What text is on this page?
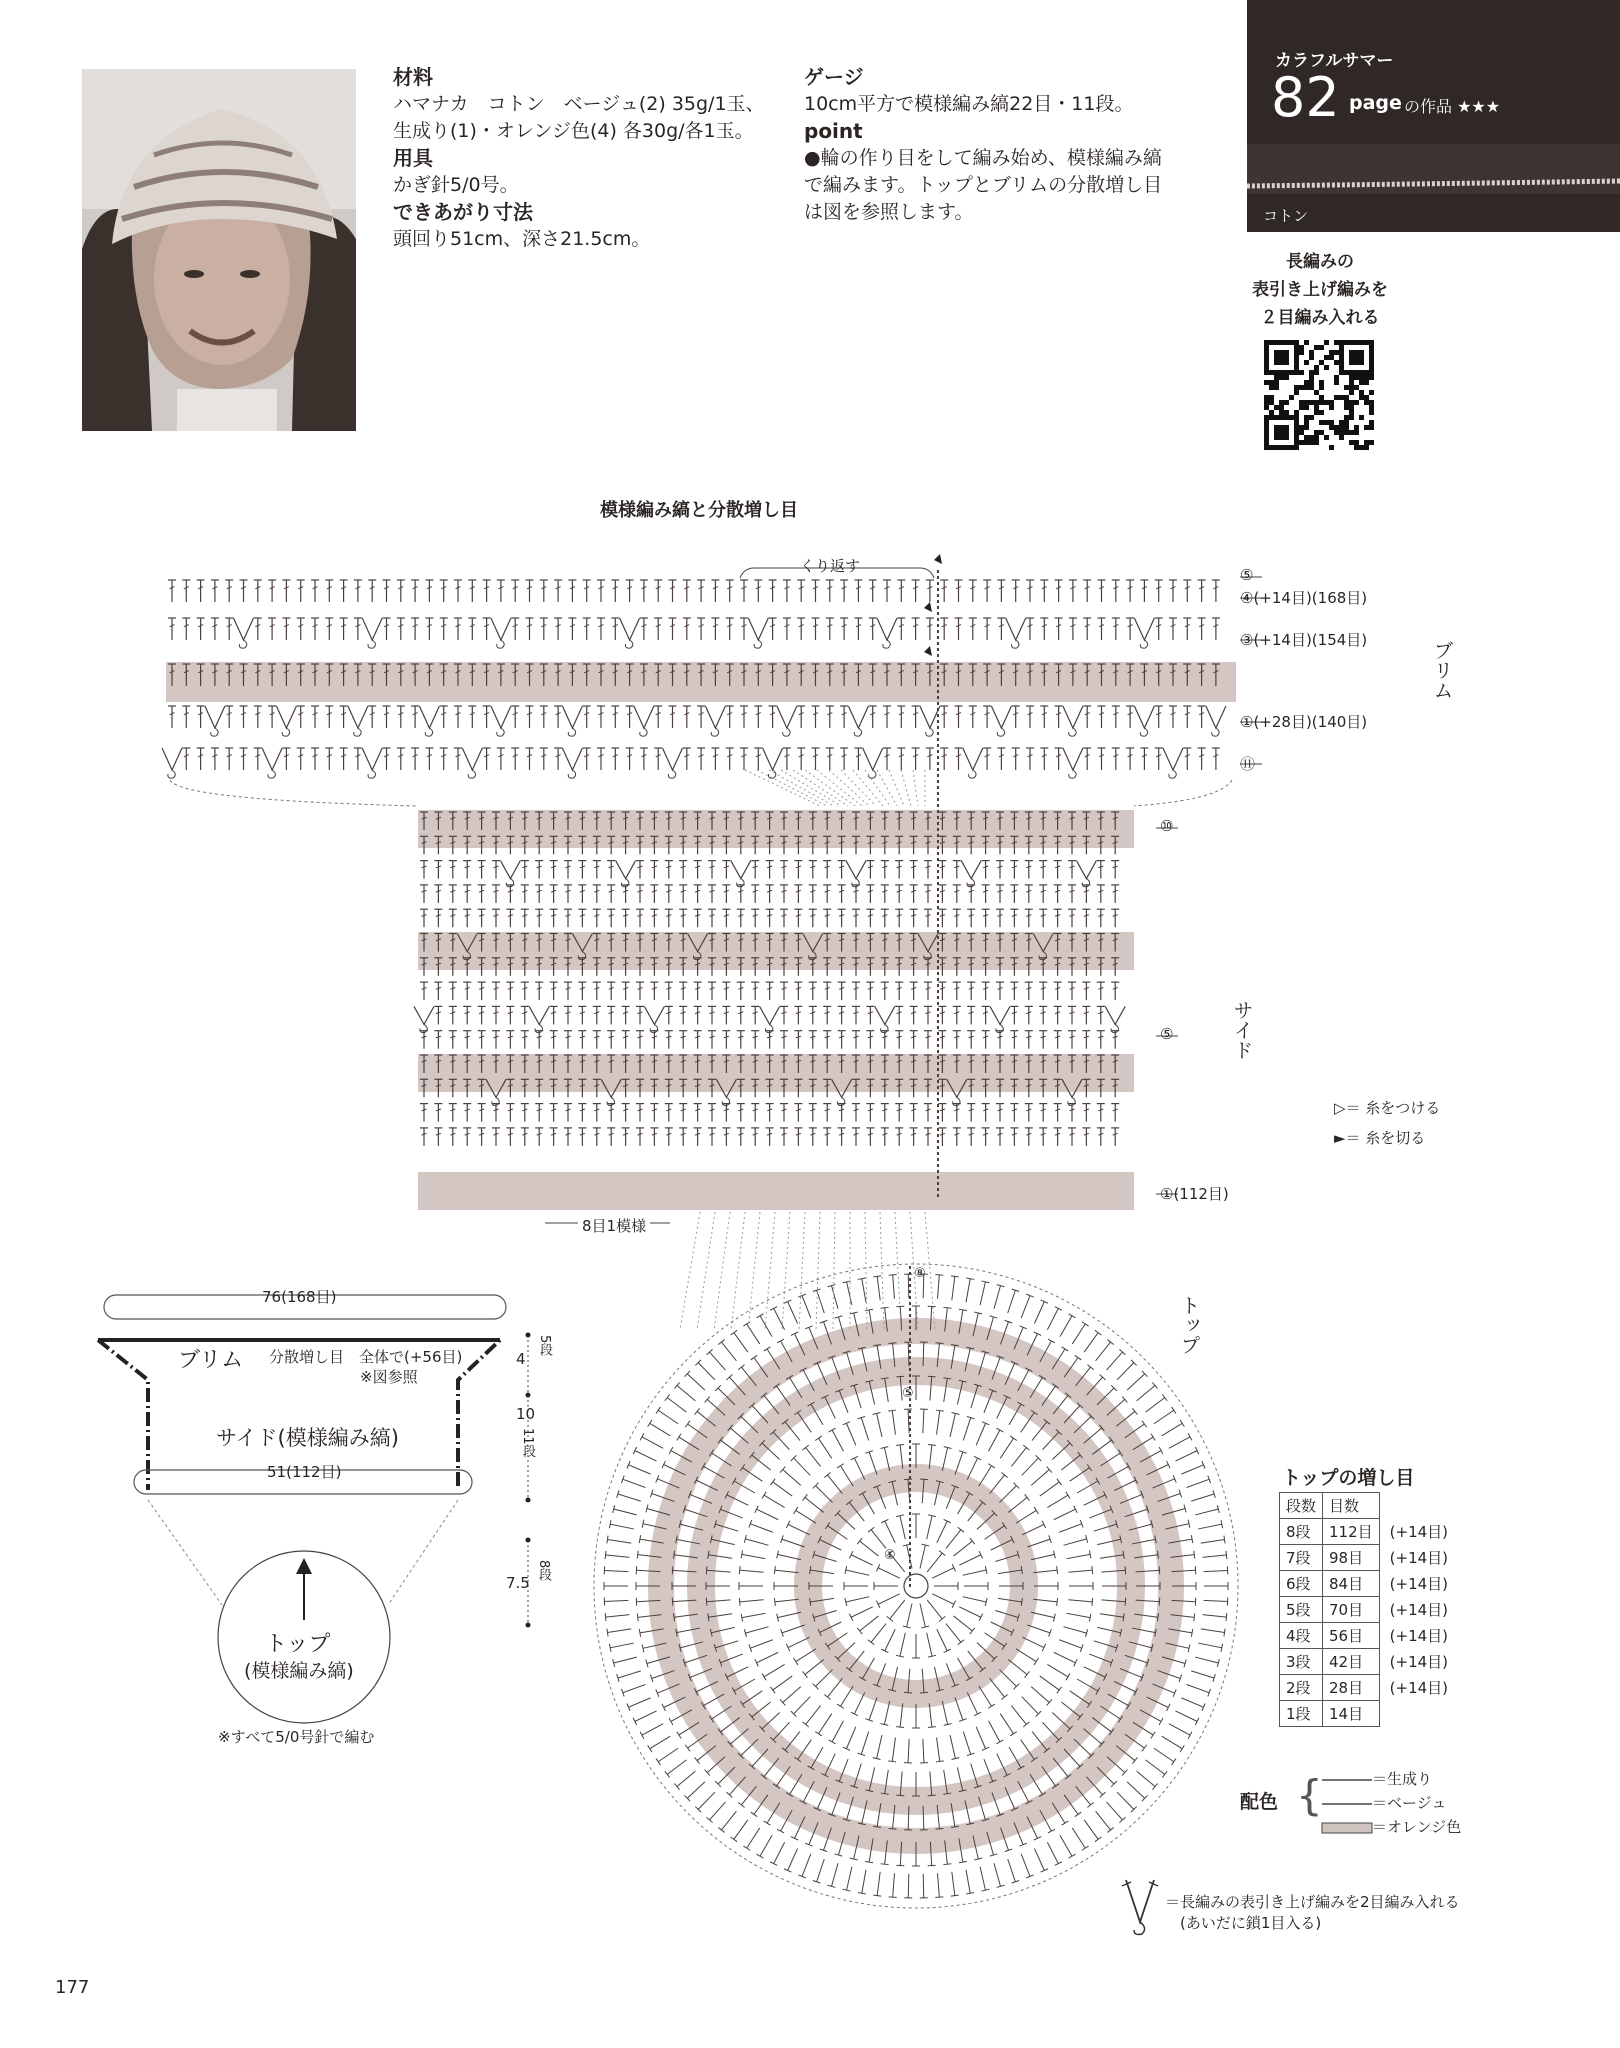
材料
ハマナカ　コトン　ベージュ(2) 35g/1玉、
生成り(1)・オレンジ色(4) 各30g/各1玉。
用具
かぎ針5/0号。
できあがり寸法
頭回り51cm、深さ21.5cm。
ゲージ
10cm平方で模様編み縞22目・11段。
point
●輪の作り目をして編み始め、模様編み縞
で編みます。トップとブリムの分散増し目
は図を参照します。
カラフルサマー
82 page の作品 ★★★
コトン
長編みの
表引き上げ編みを
２目編み入れる
模様編み縞と分散増し目
くり返す	⑤
④(+14目)(168目)
③(+14目)(154目)
①(+28目)(140目)
⑪
⑩
⑤
①(112目)
ブリム
サイド
トップ
8目1模様
⑧
⑤
①
▷＝ 糸をつける
►＝ 糸を切る
76(168目)
ブリム 分散増し目　全体で(+56目)
※図参照
4
5段
サイド(模様編み縞)
51(112目)
10
11段
7.5
8段
トップ
(模様編み縞)
※すべて5/0号針で編む
トップの増し目
段数	目数	
8段	112目	(+14目)
7段	98目	(+14目)
6段	84目	(+14目)
5段	70目	(+14目)
4段	56目	(+14目)
3段	42目	(+14目)
2段	28目	(+14目)
1段	14目	
配色 {	＝生成り
＝ベージュ
＝オレンジ色
＝長編みの表引き上げ編みを2目編み入れる
(あいだに鎖1目入る)
177
